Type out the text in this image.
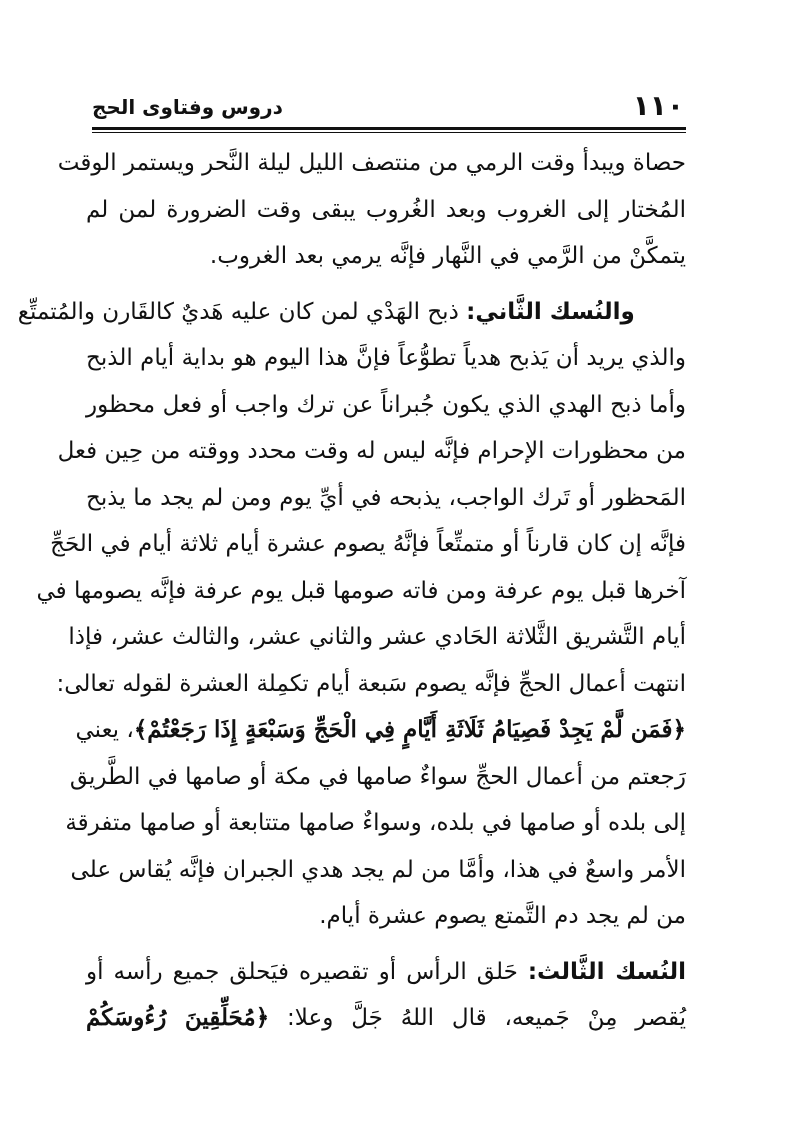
١١٠
دروس وفتاوى الحج
حصاة ويبدأ وقت الرمي من منتصف الليل ليلة النَّحر ويستمر الوقت
المُختار إلى الغروب وبعد الغُروب يبقى وقت الضرورة لمن لم
يتمكَّنْ من الرَّمي في النَّهار فإنَّه يرمي بعد الغروب.
والنُسك الثَّاني: ذبح الهَدْي لمن كان عليه هَديٌ كالقَارن والمُتمتِّع
والذي يريد أن يَذبح هدياً تطوُّعاً فإنَّ هذا اليوم هو بداية أيام الذبح
وأما ذبح الهدي الذي يكون جُبراناً عن ترك واجب أو فعل محظور
من محظورات الإحرام فإنَّه ليس له وقت محدد ووقته من حِين فعل
المَحظور أو تَرك الواجب، يذبحه في أيِّ يوم ومن لم يجد ما يذبح
فإنَّه إن كان قارناً أو متمتِّعاً فإنَّهُ يصوم عشرة أيام ثلاثة أيام في الحَجِّ
آخرها قبل يوم عرفة ومن فاته صومها قبل يوم عرفة فإنَّه يصومها في
أيام التَّشريق الثَّلاثة الحَادي عشر والثاني عشر، والثالث عشر، فإذا
انتهت أعمال الحجِّ فإنَّه يصوم سَبعة أيام تكمِلة العشرة لقوله تعالى:
﴿فَمَن لَّمْ يَجِدْ فَصِيَامُ ثَلَاثَةِ أَيَّامٍ فِي الْحَجِّ وَسَبْعَةٍ إِذَا رَجَعْتُمْ﴾، يعني
رَجعتم من أعمال الحجِّ سواءٌ صامها في مكة أو صامها في الطَّريق
إلى بلده أو صامها في بلده، وسواءٌ صامها متتابعة أو صامها متفرقة
الأمر واسعٌ في هذا، وأمَّا من لم يجد هدي الجبران فإنَّه يُقاس على
من لم يجد دم التَّمتع يصوم عشرة أيام.
النُسك الثَّالث: حَلق الرأس أو تقصيره فيَحلق جميع رأسه أو
يُقصر مِنْ جَميعه، قال اللهُ جَلَّ وعلا: ﴿مُحَلِّقِينَ رُءُوسَكُمْ
